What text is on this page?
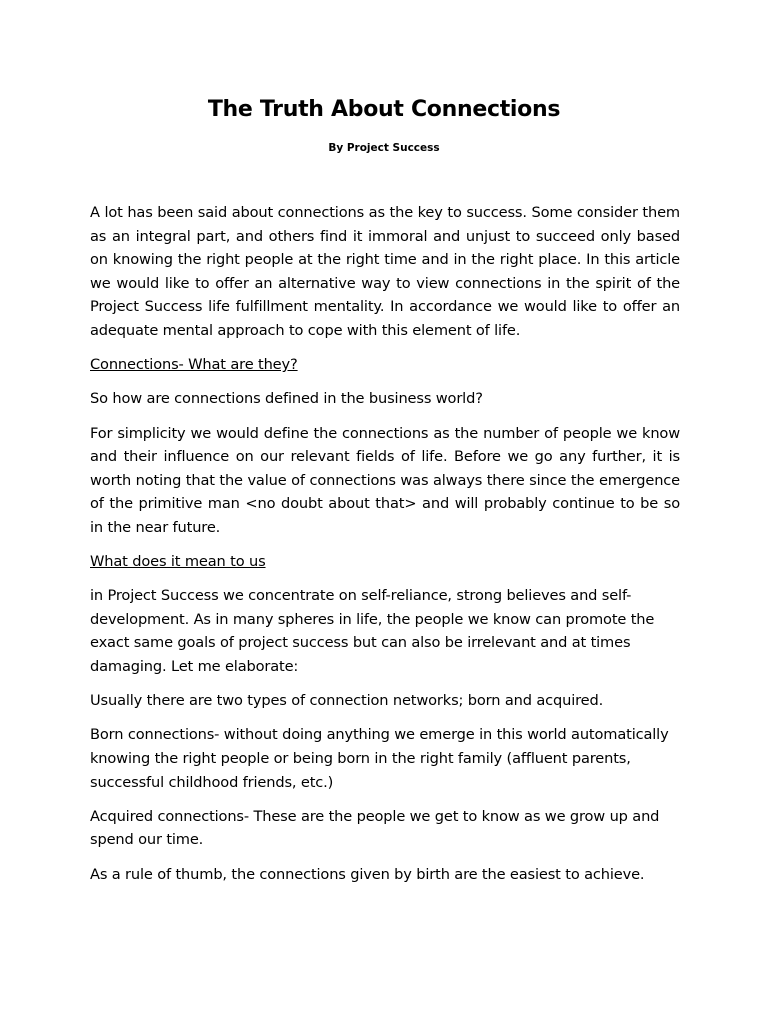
The Truth About Connections
By Project Success

A lot has been said about connections as the key to success. Some consider them as an integral part, and others find it immoral and unjust to succeed only based on knowing the right people at the right time and in the right place. In this article we would like to offer an alternative way to view connections in the spirit of the Project Success life fulfillment mentality. In accordance we would like to offer an adequate mental approach to cope with this element of life.

Connections- What are they?

So how are connections defined in the business world?

For simplicity we would define the connections as the number of people we know and their influence on our relevant fields of life. Before we go any further, it is worth noting that the value of connections was always there since the emergence of the primitive man <no doubt about that> and will probably continue to be so in the near future.

What does it mean to us

in Project Success we concentrate on self-reliance, strong believes and self-development. As in many spheres in life, the people we know can promote the exact same goals of project success but can also be irrelevant and at times damaging. Let me elaborate:

Usually there are two types of connection networks; born and acquired.

Born connections- without doing anything we emerge in this world automatically knowing the right people or being born in the right family (affluent parents, successful childhood friends, etc.)

Acquired connections- These are the people we get to know as we grow up and spend our time.

As a rule of thumb, the connections given by birth are the easiest to achieve.
